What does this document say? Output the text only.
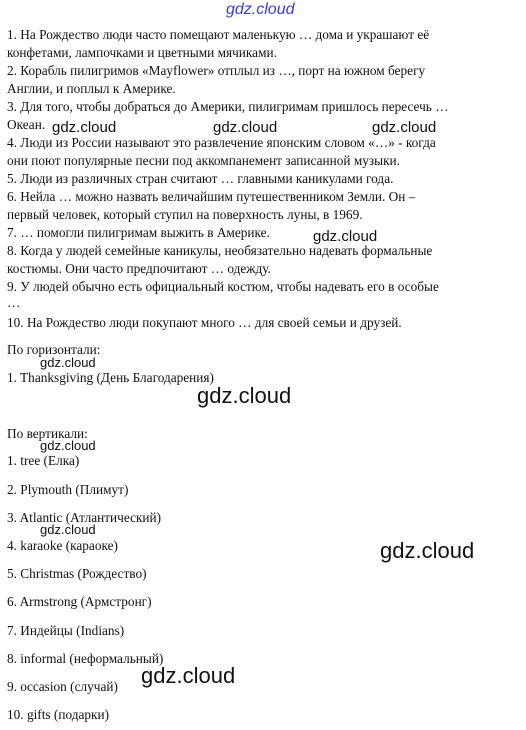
gdz.cloud
1. На Рождество люди часто помещают маленькую … дома и украшают её
конфетами, лампочками и цветными мячиками.
2. Корабль пилигримов «Mayflower» отплыл из …, порт на южном берегу
Англии, и поплыл к Америке.
3. Для того, чтобы добраться до Америки, пилигримам пришлось пересечь …
Океан.
4. Люди из России называют это развлечение японским словом «…» - когда
они поют популярные песни под аккомпанемент записанной музыки.
5. Люди из различных стран считают … главными каникулами года.
6. Нейла … можно назвать величайшим путешественником Земли. Он –
первый человек, который ступил на поверхность луны, в 1969.
7. … помогли пилигримам выжить в Америке.
8. Когда у людей семейные каникулы, необязательно надевать формальные
костюмы. Они часто предпочитают … одежду.
9. У людей обычно есть официальный костюм, чтобы надевать его в особые
…
10. На Рождество люди покупают много … для своей семьи и друзей.
gdz.cloud	gdz.cloud	gdz.cloud
gdz.cloud
По горизонтали:
gdz.cloud
1. Thanksgiving (День Благодарения)
gdz.cloud
По вертикали:
gdz.cloud
1. tree (Елка)
2. Plymouth (Плимут)
3. Atlantic (Атлантический)
gdz.cloud
4. karaoke (караоке)
5. Christmas (Рождество)
6. Armstrong (Армстронг)
7. Индейцы (Indians)
8. informal (неформальный)
9. occasion (случай)
10. gifts (подарки)
gdz.cloud
gdz.cloud
